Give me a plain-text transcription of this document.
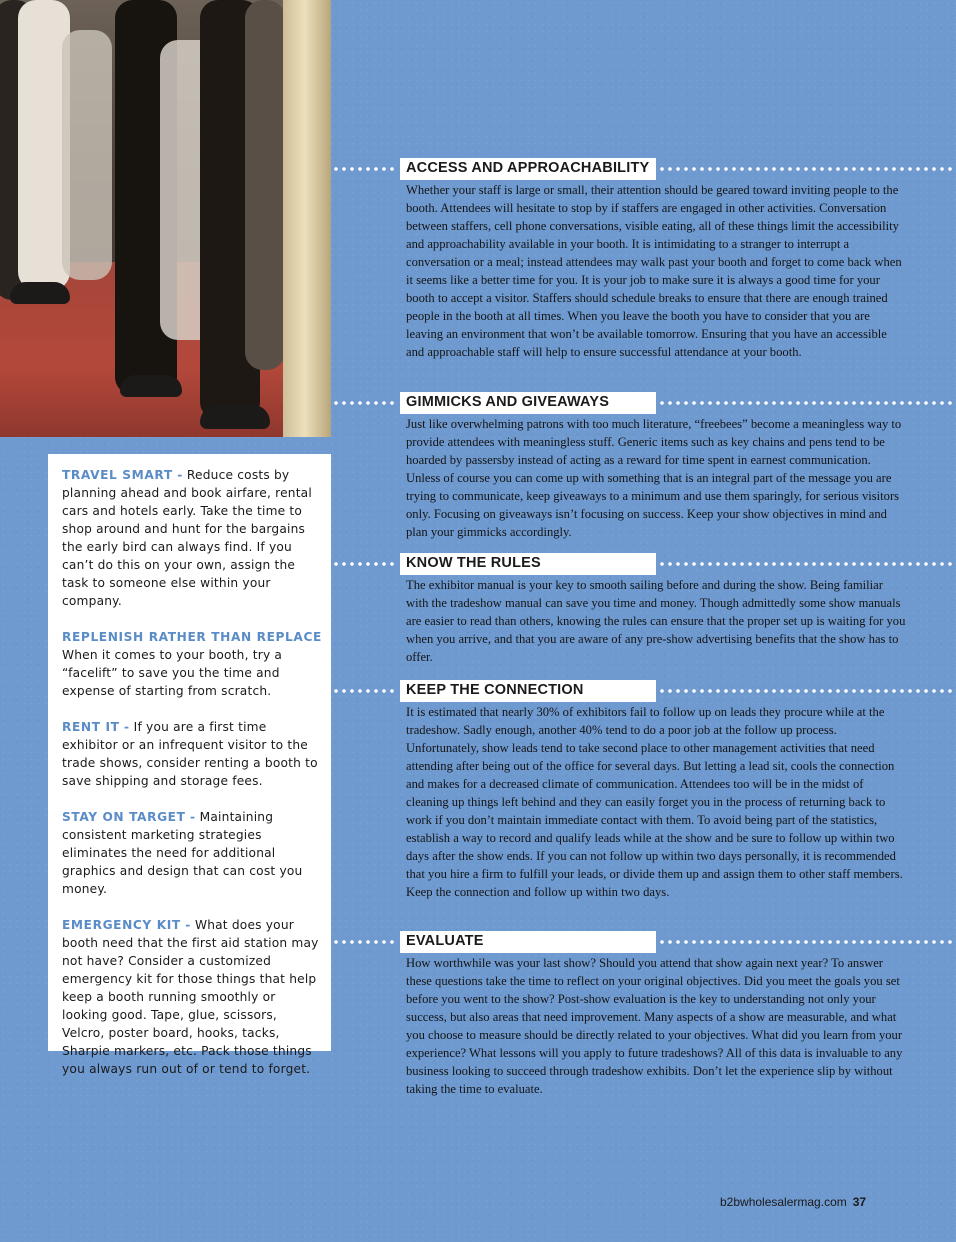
TRAVEL SMART - Reduce costs by planning ahead and book airfare, rental cars and hotels early. Take the time to shop around and hunt for the bargains the early bird can always find. If you can’t do this on your own, assign the task to someone else within your company.

REPLENISH RATHER THAN REPLACE
When it comes to your booth, try a “facelift” to save you the time and expense of starting from scratch.

RENT IT - If you are a first time exhibitor or an infrequent visitor to the trade shows, consider renting a booth to save shipping and storage fees.

STAY ON TARGET - Maintaining consistent marketing strategies eliminates the need for additional graphics and design that can cost you money.

EMERGENCY KIT - What does your booth need that the first aid station may not have? Consider a customized emergency kit for those things that help keep a booth running smoothly or looking good. Tape, glue, scissors, Velcro, poster board, hooks, tacks, Sharpie markers, etc. Pack those things you always run out of or tend to forget.

ACCESS AND APPROACHABILITY
Whether your staff is large or small, their attention should be geared toward inviting people to the booth. Attendees will hesitate to stop by if staffers are engaged in other activities. Conversation between staffers, cell phone conversations, visible eating, all of these things limit the accessibility and approachability available in your booth. It is intimidating to a stranger to interrupt a conversation or a meal; instead attendees may walk past your booth and forget to come back when it seems like a better time for you. It is your job to make sure it is always a good time for your booth to accept a visitor. Staffers should schedule breaks to ensure that there are enough trained people in the booth at all times. When you leave the booth you have to consider that you are leaving an environment that won’t be available tomorrow. Ensuring that you have an accessible and approachable staff will help to ensure successful attendance at your booth.
GIMMICKS AND GIVEAWAYS
Just like overwhelming patrons with too much literature, “freebees” become a meaningless way to provide attendees with meaningless stuff. Generic items such as key chains and pens tend to be hoarded by passersby instead of acting as a reward for time spent in earnest communication. Unless of course you can come up with something that is an integral part of the message you are trying to communicate, keep giveaways to a minimum and use them sparingly, for serious visitors only. Focusing on giveaways isn’t focusing on success. Keep your show objectives in mind and plan your gimmicks accordingly.
KNOW THE RULES
The exhibitor manual is your key to smooth sailing before and during the show. Being familiar with the tradeshow manual can save you time and money. Though admittedly some show manuals are easier to read than others, knowing the rules can ensure that the proper set up is waiting for you when you arrive, and that you are aware of any pre-show advertising benefits that the show has to offer.
KEEP THE CONNECTION
It is estimated that nearly 30% of exhibitors fail to follow up on leads they procure while at the tradeshow. Sadly enough, another 40% tend to do a poor job at the follow up process. Unfortunately, show leads tend to take second place to other management activities that need attending after being out of the office for several days. But letting a lead sit, cools the connection and makes for a decreased climate of communication. Attendees too will be in the midst of cleaning up things left behind and they can easily forget you in the process of returning back to work if you don’t maintain immediate contact with them. To avoid being part of the statistics, establish a way to record and qualify leads while at the show and be sure to follow up within two days after the show ends. If you can not follow up within two days personally, it is recommended that you hire a firm to fulfill your leads, or divide them up and assign them to other staff members. Keep the connection and follow up within two days.
EVALUATE
How worthwhile was your last show? Should you attend that show again next year? To answer these questions take the time to reflect on your original objectives. Did you meet the goals you set before you went to the show? Post-show evaluation is the key to understanding not only your success, but also areas that need improvement. Many aspects of a show are measurable, and what you choose to measure should be directly related to your objectives. What did you learn from your experience? What lessons will you apply to future tradeshows? All of this data is invaluable to any business looking to succeed through tradeshow exhibits. Don’t let the experience slip by without taking the time to evaluate.
b2bwholesalermag.com 37
